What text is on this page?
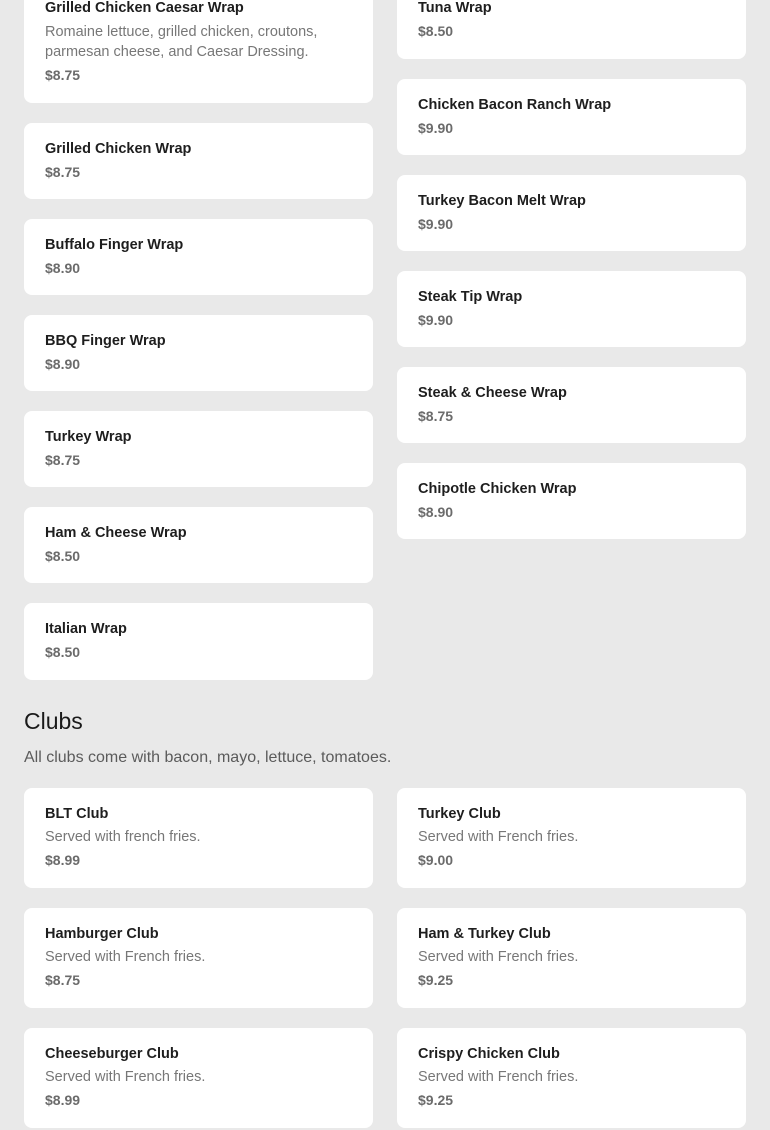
Grilled Chicken Caesar Wrap
Romaine lettuce, grilled chicken, croutons, parmesan cheese, and Caesar Dressing.
$8.75
Grilled Chicken Wrap
$8.75
Buffalo Finger Wrap
$8.90
BBQ Finger Wrap
$8.90
Turkey Wrap
$8.75
Ham & Cheese Wrap
$8.50
Italian Wrap
$8.50
Tuna Wrap
$8.50
Chicken Bacon Ranch Wrap
$9.90
Turkey Bacon Melt Wrap
$9.90
Steak Tip Wrap
$9.90
Steak & Cheese Wrap
$8.75
Chipotle Chicken Wrap
$8.90
Clubs

All clubs come with bacon, mayo, lettuce, tomatoes.

BLT Club
Served with french fries.
$8.99
Hamburger Club
Served with French fries.
$8.75
Cheeseburger Club
Served with French fries.
$8.99
Turkey Club
Served with French fries.
$9.00
Ham & Turkey Club
Served with French fries.
$9.25
Crispy Chicken Club
Served with French fries.
$9.25
